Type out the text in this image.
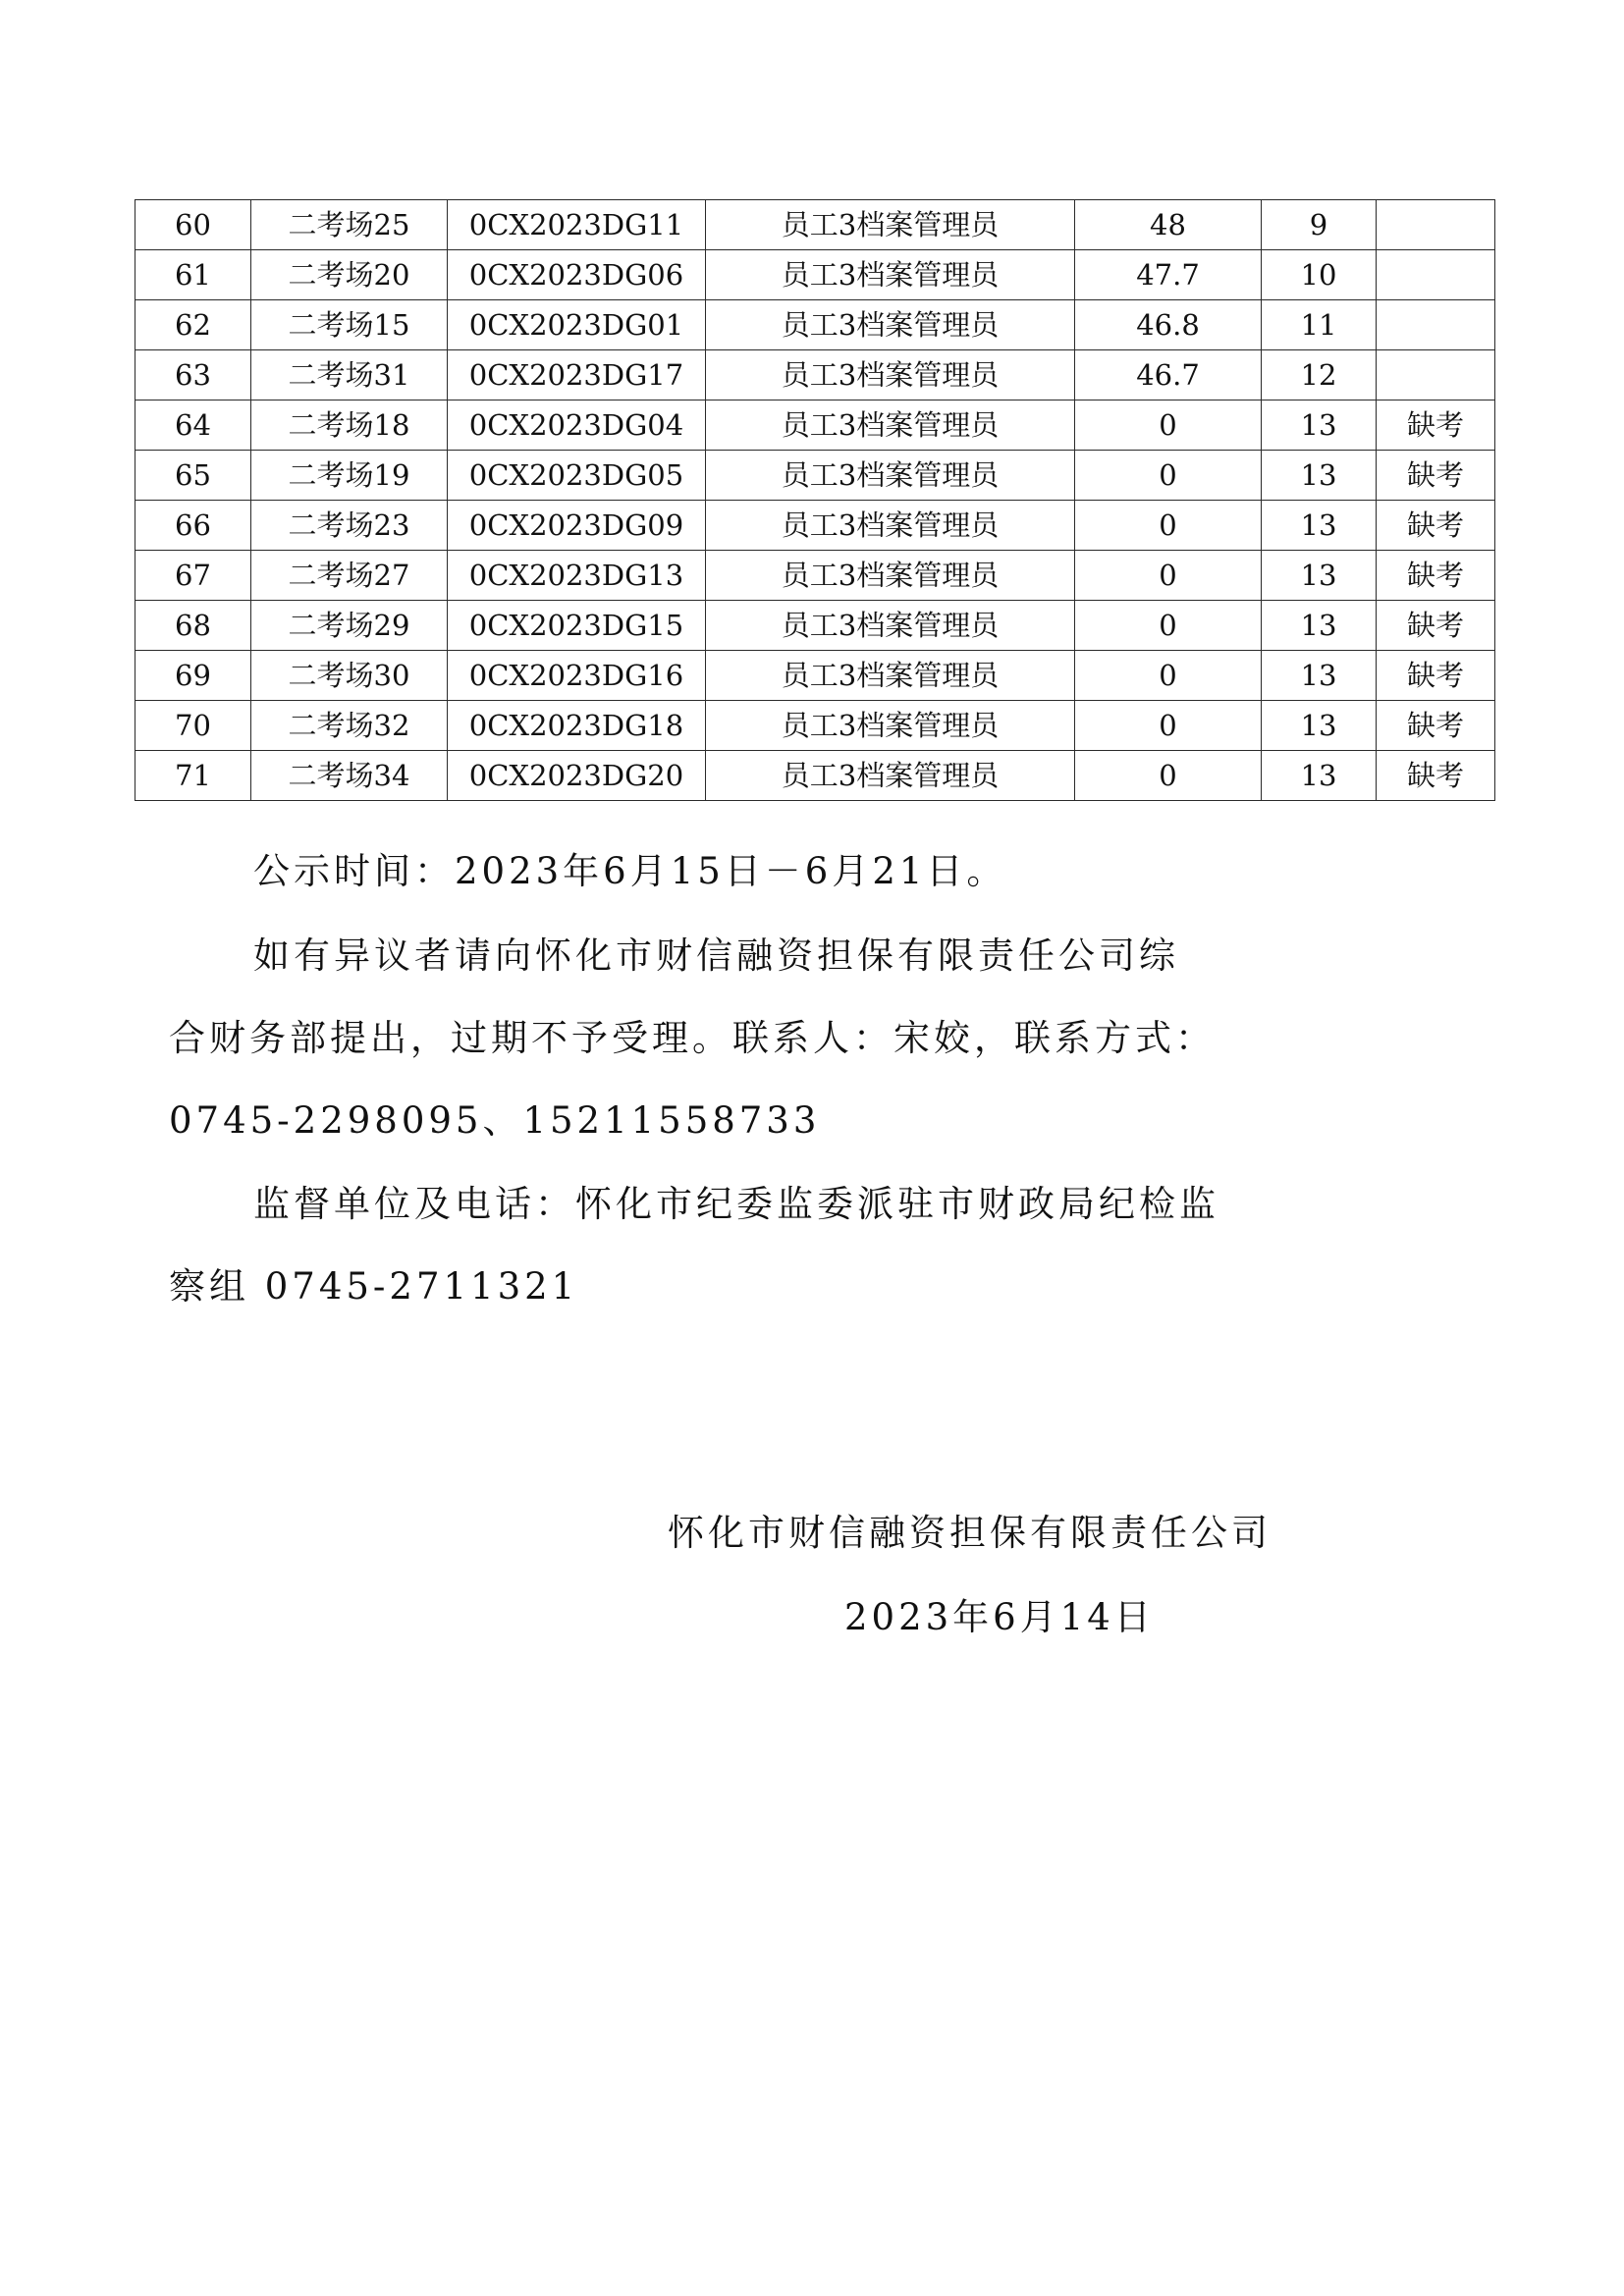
60	二考场25	0CX2023DG11	员工3档案管理员	48	9	
61	二考场20	0CX2023DG06	员工3档案管理员	47.7	10	
62	二考场15	0CX2023DG01	员工3档案管理员	46.8	11	
63	二考场31	0CX2023DG17	员工3档案管理员	46.7	12	
64	二考场18	0CX2023DG04	员工3档案管理员	0	13	缺考
65	二考场19	0CX2023DG05	员工3档案管理员	0	13	缺考
66	二考场23	0CX2023DG09	员工3档案管理员	0	13	缺考
67	二考场27	0CX2023DG13	员工3档案管理员	0	13	缺考
68	二考场29	0CX2023DG15	员工3档案管理员	0	13	缺考
69	二考场30	0CX2023DG16	员工3档案管理员	0	13	缺考
70	二考场32	0CX2023DG18	员工3档案管理员	0	13	缺考
71	二考场34	0CX2023DG20	员工3档案管理员	0	13	缺考

公示时间：2023年6月15日－6月21日。

如有异议者请向怀化市财信融资担保有限责任公司综
合财务部提出，过期不予受理。联系人：宋姣，联系方式：
0745-2298095、15211558733

监督单位及电话：怀化市纪委监委派驻市财政局纪检监
察组 0745-2711321

怀化市财信融资担保有限责任公司
2023年6月14日
